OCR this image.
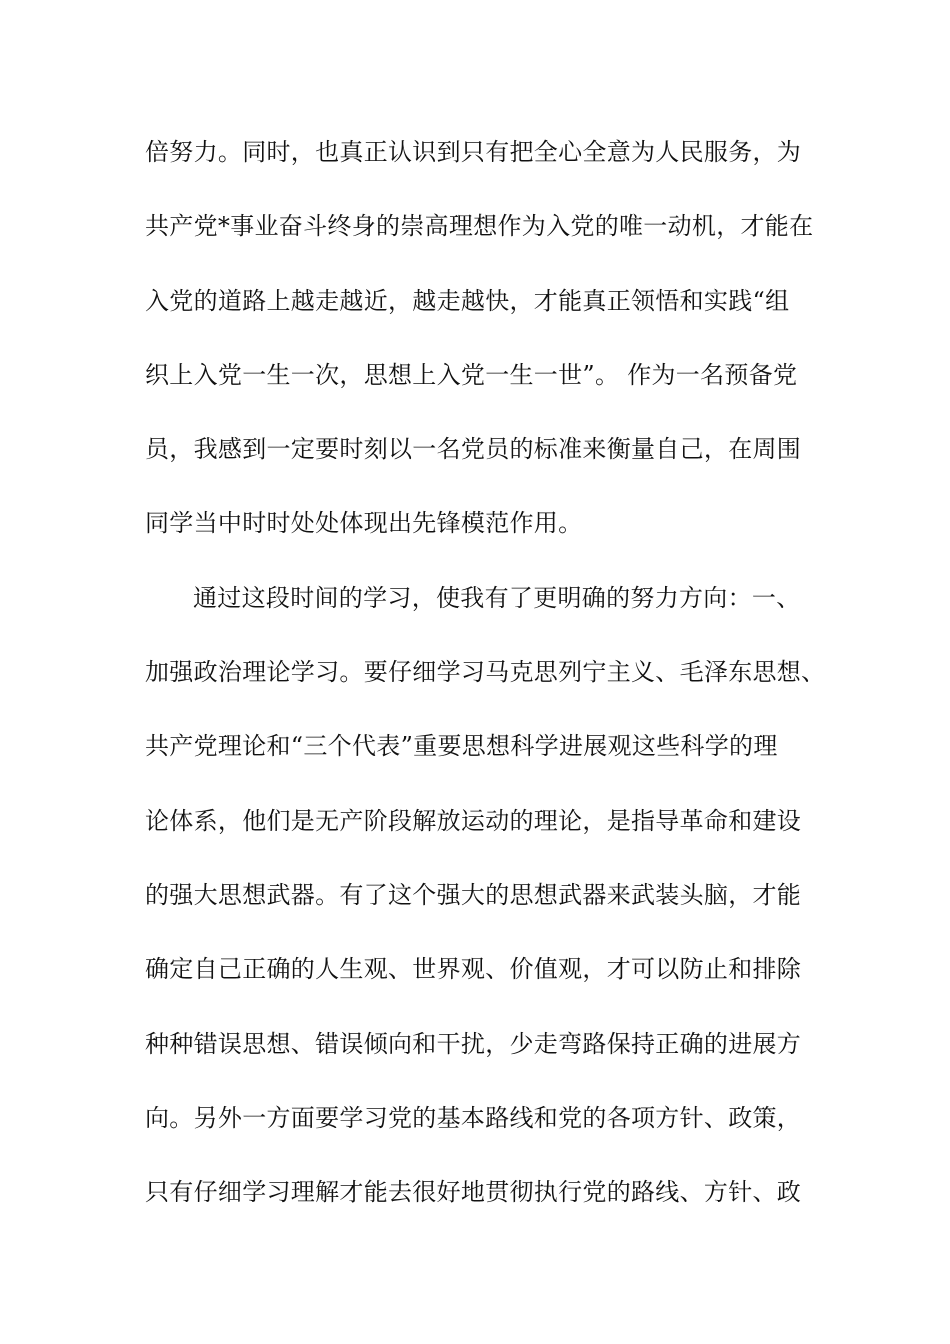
倍努力。同时，也真正认识到只有把全心全意为人民服务，为
共产党*事业奋斗终身的崇高理想作为入党的唯一动机，才能在
入党的道路上越走越近，越走越快，才能真正领悟和实践“组
织上入党一生一次，思想上入党一生一世”。 作为一名预备党
员，我感到一定要时刻以一名党员的标准来衡量自己，在周围
同学当中时时处处体现出先锋模范作用。
通过这段时间的学习，使我有了更明确的努力方向：一、
加强政治理论学习。要仔细学习马克思列宁主义、毛泽东思想、
共产党理论和“三个代表”重要思想科学进展观这些科学的理
论体系，他们是无产阶段解放运动的理论，是指导革命和建设
的强大思想武器。有了这个强大的思想武器来武装头脑，才能
确定自己正确的人生观、世界观、价值观，才可以防止和排除
种种错误思想、错误倾向和干扰，少走弯路保持正确的进展方
向。另外一方面要学习党的基本路线和党的各项方针、政策，
只有仔细学习理解才能去很好地贯彻执行党的路线、方针、政
